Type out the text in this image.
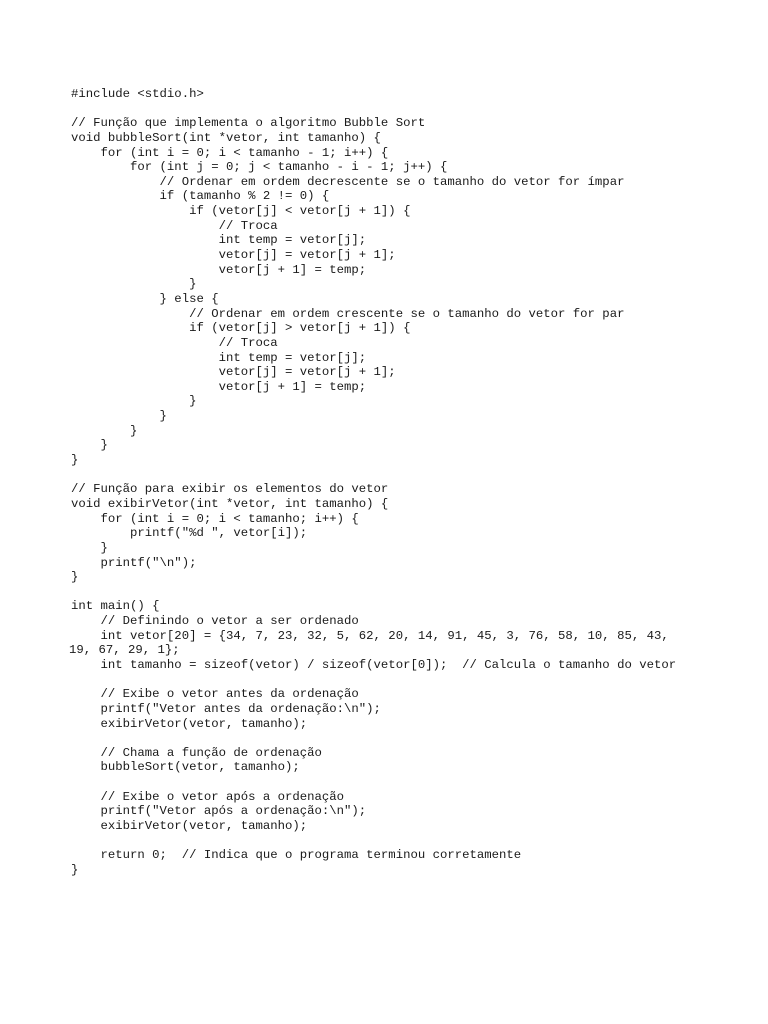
#include <stdio.h>
// Função que implementa o algoritmo Bubble Sort
void bubbleSort(int *vetor, int tamanho) {
for (int i = 0; i < tamanho - 1; i++) {
for (int j = 0; j < tamanho - i - 1; j++) {
// Ordenar em ordem decrescente se o tamanho do vetor for ímpar
if (tamanho % 2 != 0) {
if (vetor[j] < vetor[j + 1]) {
// Troca
int temp = vetor[j];
vetor[j] = vetor[j + 1];
vetor[j + 1] = temp;
}
} else {
// Ordenar em ordem crescente se o tamanho do vetor for par
if (vetor[j] > vetor[j + 1]) {
// Troca
int temp = vetor[j];
vetor[j] = vetor[j + 1];
vetor[j + 1] = temp;
}
}
}
}
}
// Função para exibir os elementos do vetor
void exibirVetor(int *vetor, int tamanho) {
for (int i = 0; i < tamanho; i++) {
printf("%d ", vetor[i]);
}
printf("\n");
}
int main() {
// Definindo o vetor a ser ordenado
int vetor[20] = {34, 7, 23, 32, 5, 62, 20, 14, 91, 45, 3, 76, 58, 10, 85, 43,
19, 67, 29, 1};
int tamanho = sizeof(vetor) / sizeof(vetor[0]);  // Calcula o tamanho do vetor
// Exibe o vetor antes da ordenação
printf("Vetor antes da ordenação:\n");
exibirVetor(vetor, tamanho);
// Chama a função de ordenação
bubbleSort(vetor, tamanho);
// Exibe o vetor após a ordenação
printf("Vetor após a ordenação:\n");
exibirVetor(vetor, tamanho);
return 0;  // Indica que o programa terminou corretamente
}
